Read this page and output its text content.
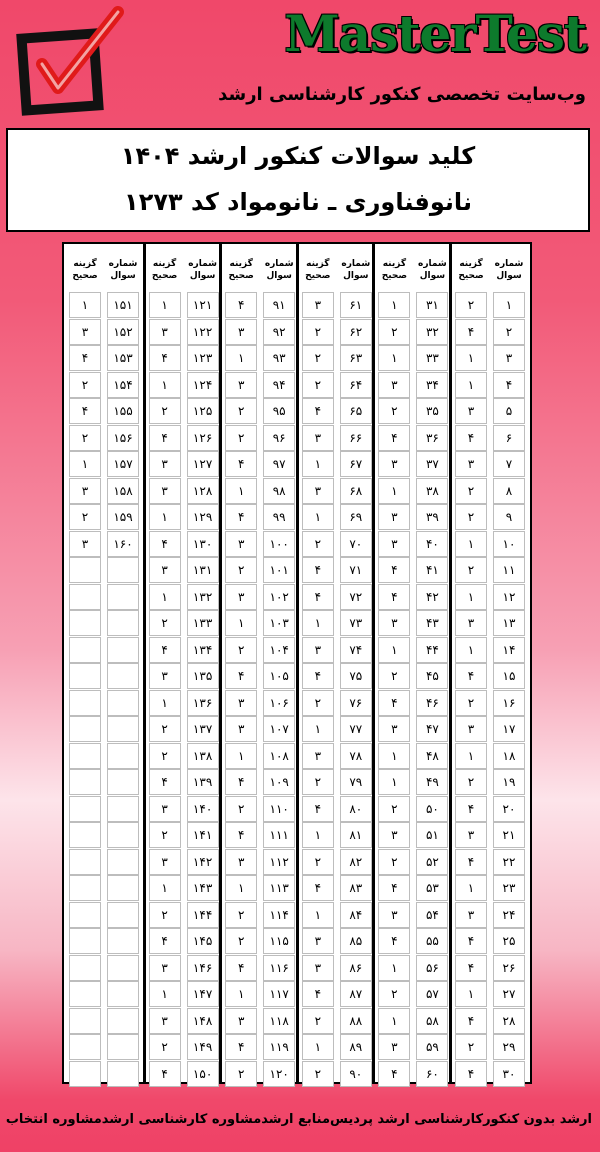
MasterTest
وب‌سایت تخصصی کنکور کارشناسی ارشد
کلید سوالات کنکور ارشد ۱۴۰۴
نانوفناوری ـ نانومواد کد ۱۲۷۳
شماره
سوال
گزینه
صحیح
۱
۲
۲
۴
۳
۱
۴
۱
۵
۳
۶
۴
۷
۳
۸
۲
۹
۲
۱۰
۱
۱۱
۲
۱۲
۱
۱۳
۳
۱۴
۱
۱۵
۴
۱۶
۲
۱۷
۳
۱۸
۱
۱۹
۲
۲۰
۴
۲۱
۳
۲۲
۴
۲۳
۱
۲۴
۳
۲۵
۴
۲۶
۴
۲۷
۱
۲۸
۴
۲۹
۲
۳۰
۴
شماره
سوال
گزینه
صحیح
۳۱
۱
۳۲
۲
۳۳
۱
۳۴
۳
۳۵
۲
۳۶
۴
۳۷
۳
۳۸
۱
۳۹
۳
۴۰
۳
۴۱
۴
۴۲
۴
۴۳
۳
۴۴
۱
۴۵
۲
۴۶
۴
۴۷
۳
۴۸
۱
۴۹
۱
۵۰
۲
۵۱
۳
۵۲
۲
۵۳
۴
۵۴
۳
۵۵
۴
۵۶
۱
۵۷
۲
۵۸
۱
۵۹
۳
۶۰
۴
شماره
سوال
گزینه
صحیح
۶۱
۳
۶۲
۲
۶۳
۲
۶۴
۲
۶۵
۴
۶۶
۳
۶۷
۱
۶۸
۳
۶۹
۱
۷۰
۲
۷۱
۴
۷۲
۴
۷۳
۱
۷۴
۳
۷۵
۴
۷۶
۲
۷۷
۱
۷۸
۳
۷۹
۲
۸۰
۴
۸۱
۱
۸۲
۲
۸۳
۴
۸۴
۱
۸۵
۳
۸۶
۳
۸۷
۴
۸۸
۲
۸۹
۱
۹۰
۲
شماره
سوال
گزینه
صحیح
۹۱
۴
۹۲
۳
۹۳
۱
۹۴
۳
۹۵
۲
۹۶
۲
۹۷
۴
۹۸
۱
۹۹
۴
۱۰۰
۳
۱۰۱
۲
۱۰۲
۳
۱۰۳
۱
۱۰۴
۲
۱۰۵
۴
۱۰۶
۳
۱۰۷
۳
۱۰۸
۱
۱۰۹
۴
۱۱۰
۲
۱۱۱
۴
۱۱۲
۳
۱۱۳
۱
۱۱۴
۲
۱۱۵
۲
۱۱۶
۴
۱۱۷
۱
۱۱۸
۳
۱۱۹
۴
۱۲۰
۲
شماره
سوال
گزینه
صحیح
۱۲۱
۱
۱۲۲
۳
۱۲۳
۴
۱۲۴
۱
۱۲۵
۲
۱۲۶
۴
۱۲۷
۳
۱۲۸
۳
۱۲۹
۱
۱۳۰
۴
۱۳۱
۳
۱۳۲
۱
۱۳۳
۲
۱۳۴
۴
۱۳۵
۳
۱۳۶
۱
۱۳۷
۲
۱۳۸
۲
۱۳۹
۴
۱۴۰
۳
۱۴۱
۲
۱۴۲
۳
۱۴۳
۱
۱۴۴
۲
۱۴۵
۴
۱۴۶
۳
۱۴۷
۱
۱۴۸
۳
۱۴۹
۲
۱۵۰
۴
شماره
سوال
گزینه
صحیح
۱۵۱
۱
۱۵۲
۳
۱۵۳
۴
۱۵۴
۲
۱۵۵
۴
۱۵۶
۲
۱۵۷
۱
۱۵۸
۳
۱۵۹
۲
۱۶۰
۳
ارشد بدون کنکور
کارشناسی ارشد پردیس
منابع ارشد
مشاوره کارشناسی ارشد
مشاوره انتخاب
